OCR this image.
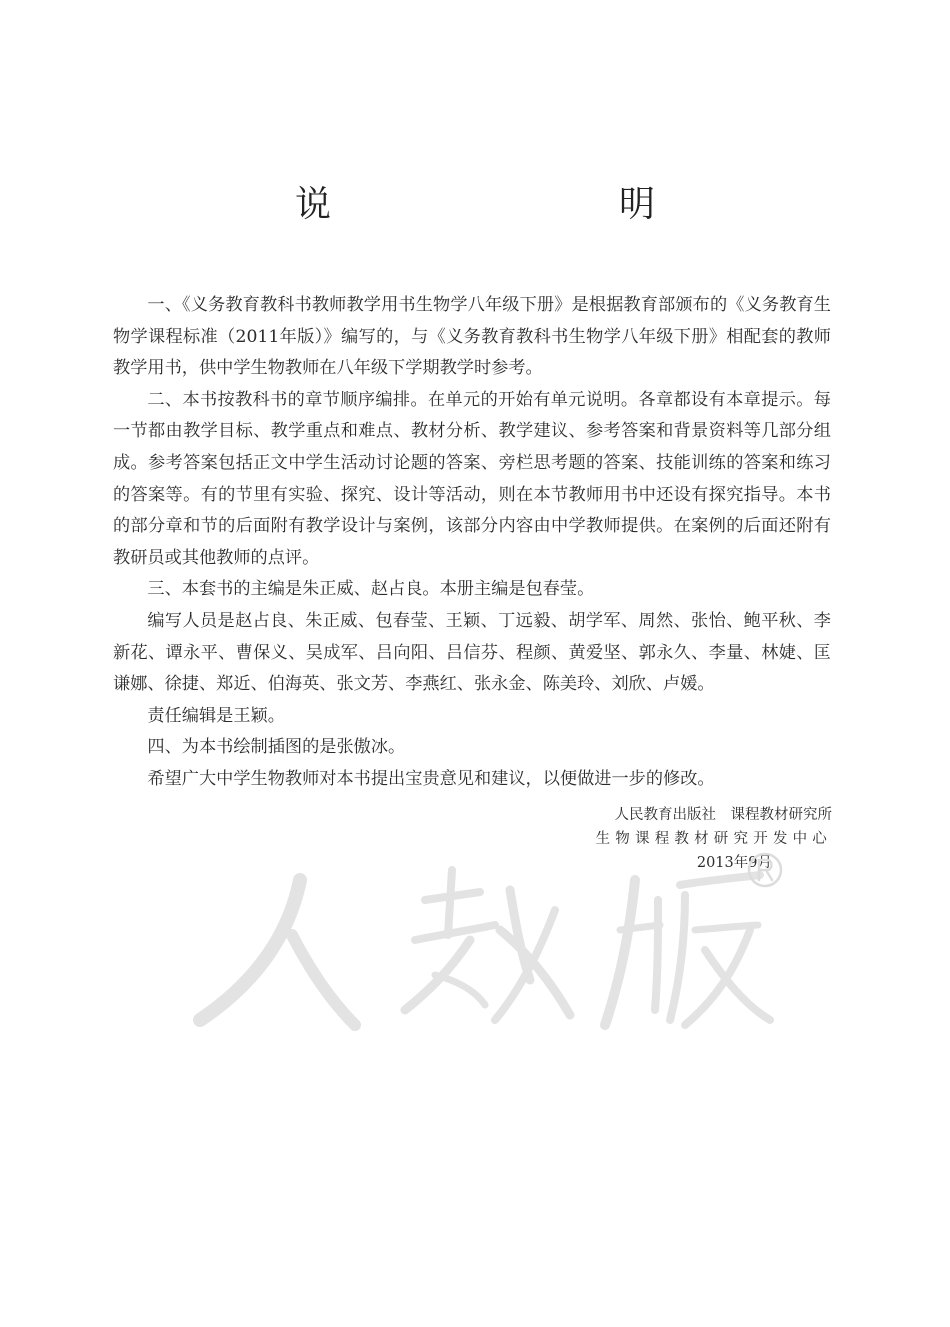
说　　明

一、《义务教育教科书教师教学用书生物学八年级下册》是根据教育部颁布的《义务教育生物学课程标准（2011年版）》编写的，与《义务教育教科书生物学八年级下册》相配套的教师教学用书，供中学生物教师在八年级下学期教学时参考。

二、本书按教科书的章节顺序编排。在单元的开始有单元说明。各章都设有本章提示。每一节都由教学目标、教学重点和难点、教材分析、教学建议、参考答案和背景资料等几部分组成。参考答案包括正文中学生活动讨论题的答案、旁栏思考题的答案、技能训练的答案和练习的答案等。有的节里有实验、探究、设计等活动，则在本节教师用书中还设有探究指导。本书的部分章和节的后面附有教学设计与案例，该部分内容由中学教师提供。在案例的后面还附有教研员或其他教师的点评。

三、本套书的主编是朱正威、赵占良。本册主编是包春莹。

编写人员是赵占良、朱正威、包春莹、王颖、丁远毅、胡学军、周然、张怡、鲍平秋、李新花、谭永平、曹保义、吴成军、吕向阳、吕信芬、程颜、黄爱坚、郭永久、李量、林婕、匡谦娜、徐捷、郑近、伯海英、张文芳、李燕红、张永金、陈美玲、刘欣、卢媛。

责任编辑是王颖。

四、为本书绘制插图的是张傲冰。

希望广大中学生物教师对本书提出宝贵意见和建议，以便做进一步的修改。

人民教育出版社　课程教材研究所
生物课程教材研究开发中心
2013年9月
